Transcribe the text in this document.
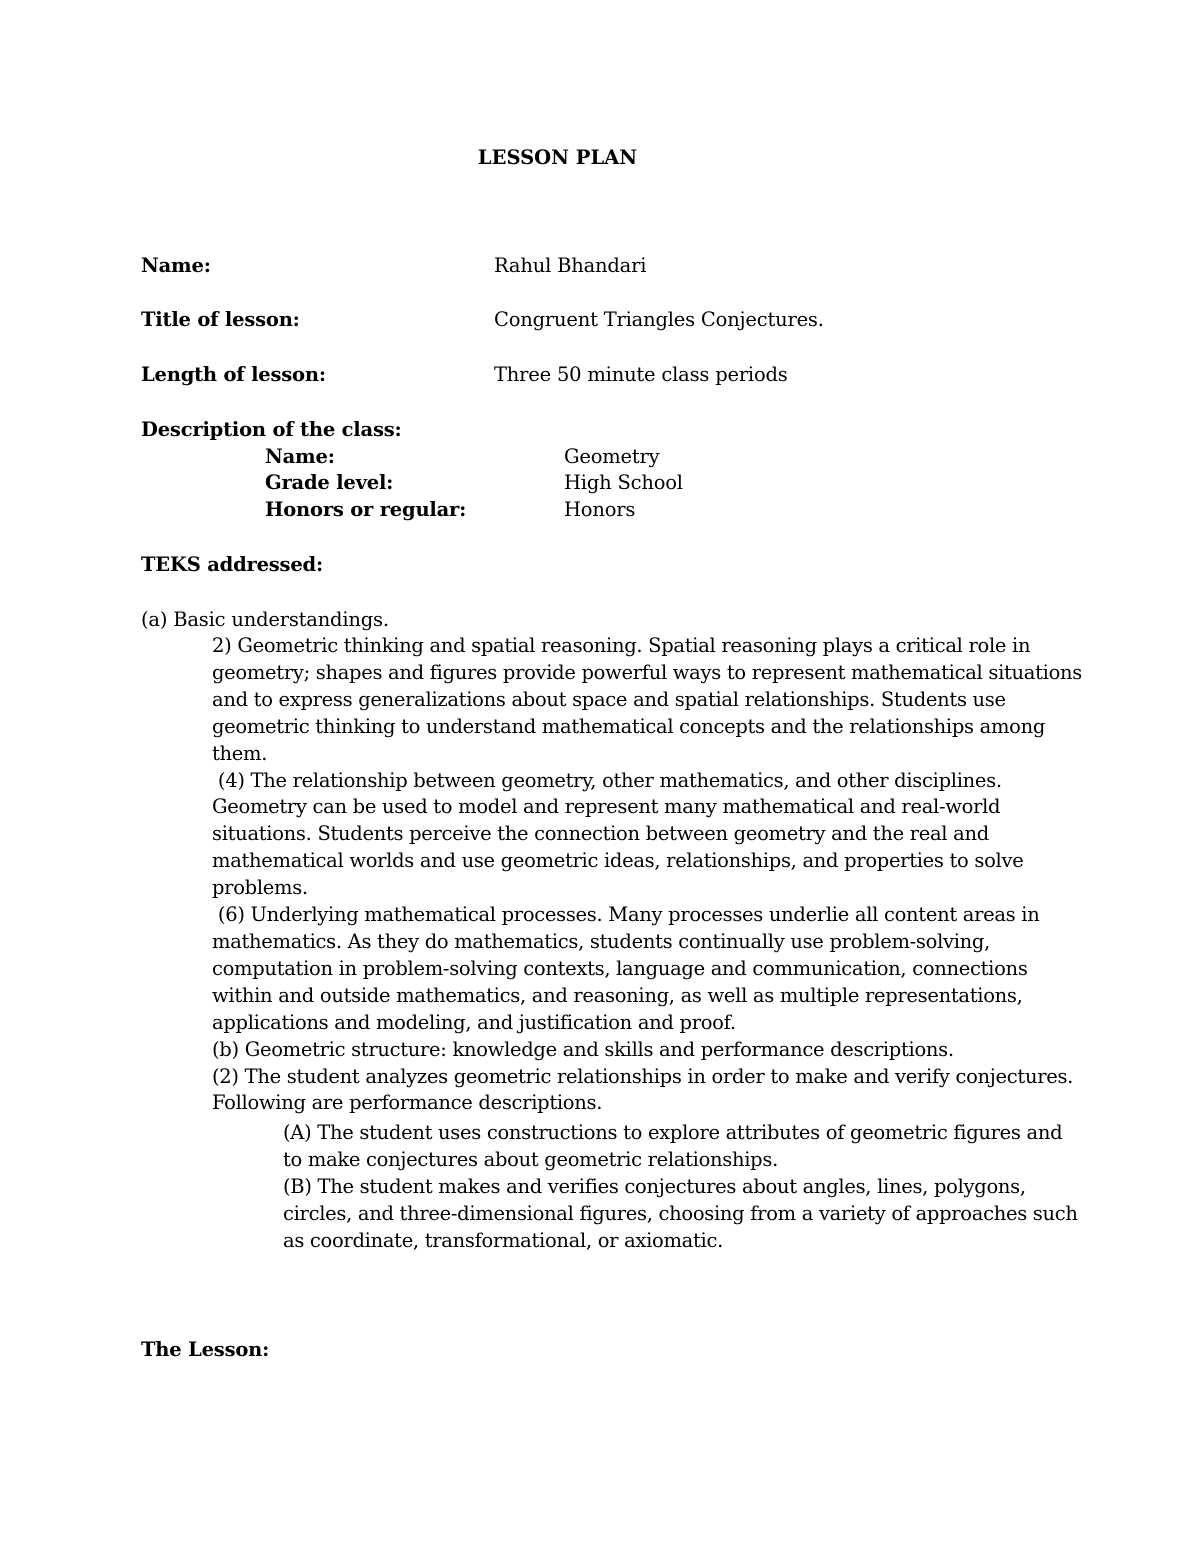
LESSON PLAN
Name:	Rahul Bhandari
Title of lesson:	Congruent Triangles Conjectures.
Length of lesson:	Three 50 minute class periods
Description of the class:
Name:	Geometry
Grade level:	High School
Honors or regular:	Honors
TEKS addressed:
(a) Basic understandings.

2) Geometric thinking and spatial reasoning. Spatial reasoning plays a critical role in

geometry; shapes and figures provide powerful ways to represent mathematical situations

and to express generalizations about space and spatial relationships. Students use

geometric thinking to understand mathematical concepts and the relationships among

them.

(4) The relationship between geometry, other mathematics, and other disciplines.

Geometry can be used to model and represent many mathematical and real-world

situations. Students perceive the connection between geometry and the real and

mathematical worlds and use geometric ideas, relationships, and properties to solve

problems.

(6) Underlying mathematical processes. Many processes underlie all content areas in

mathematics. As they do mathematics, students continually use problem-solving,

computation in problem-solving contexts, language and communication, connections

within and outside mathematics, and reasoning, as well as multiple representations,

applications and modeling, and justification and proof.

(b) Geometric structure: knowledge and skills and performance descriptions.

(2) The student analyzes geometric relationships in order to make and verify conjectures.

Following are performance descriptions.

(A) The student uses constructions to explore attributes of geometric figures and

to make conjectures about geometric relationships.

(B) The student makes and verifies conjectures about angles, lines, polygons,

circles, and three-dimensional figures, choosing from a variety of approaches such

as coordinate, transformational, or axiomatic.

The Lesson:
